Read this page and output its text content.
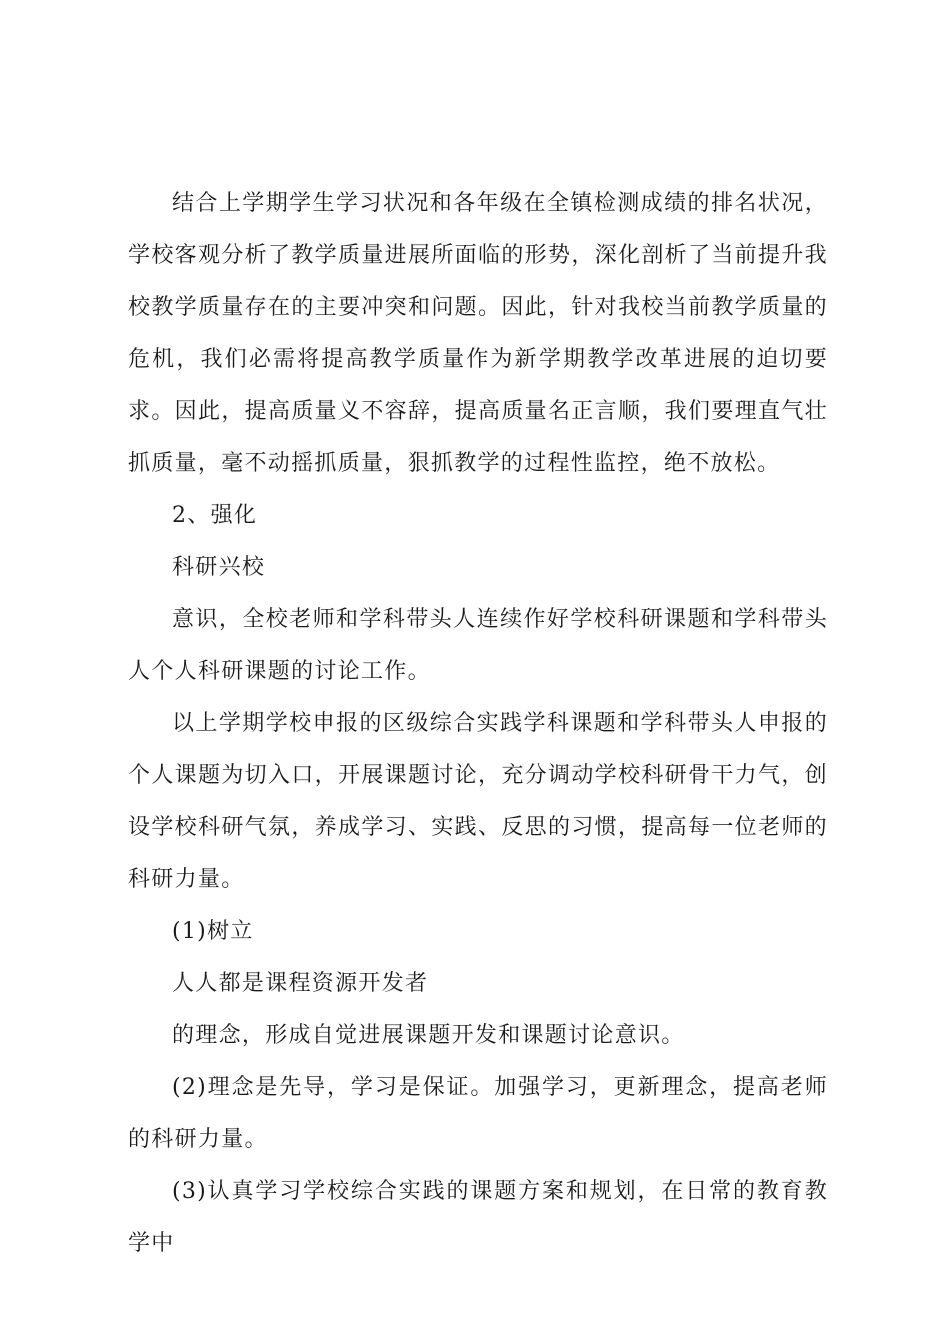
结合上学期学生学习状况和各年级在全镇检测成绩的排名状况，学校客观分析了教学质量进展所面临的形势，深化剖析了当前提升我校教学质量存在的主要冲突和问题。因此，针对我校当前教学质量的危机，我们必需将提高教学质量作为新学期教学改革进展的迫切要求。因此，提高质量义不容辞，提高质量名正言顺，我们要理直气壮抓质量，毫不动摇抓质量，狠抓教学的过程性监控，绝不放松。

2、强化

科研兴校

意识，全校老师和学科带头人连续作好学校科研课题和学科带头人个人科研课题的讨论工作。

以上学期学校申报的区级综合实践学科课题和学科带头人申报的个人课题为切入口，开展课题讨论，充分调动学校科研骨干力气，创设学校科研气氛，养成学习、实践、反思的习惯，提高每一位老师的科研力量。

(1)树立

人人都是课程资源开发者

的理念，形成自觉进展课题开发和课题讨论意识。

(2)理念是先导，学习是保证。加强学习，更新理念，提高老师的科研力量。

(3)认真学习学校综合实践的课题方案和规划，在日常的教育教学中
